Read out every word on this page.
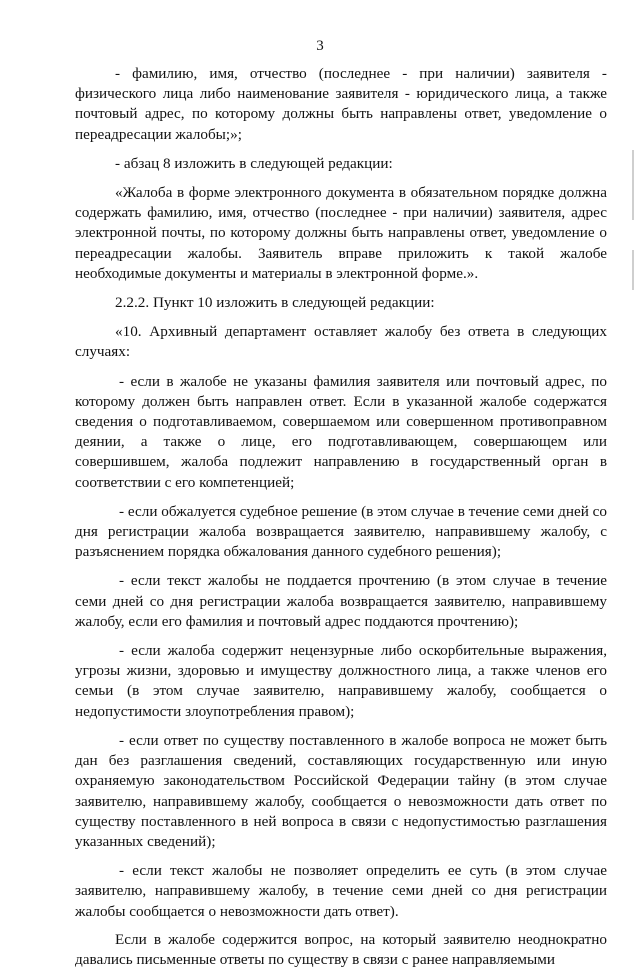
3

- фамилию, имя, отчество (последнее - при наличии) заявителя - физического лица либо наименование заявителя - юридического лица, а также почтовый адрес, по которому должны быть направлены ответ, уведомление о переадресации жалобы;»;

- абзац 8 изложить в следующей редакции:

«Жалоба в форме электронного документа в обязательном порядке должна содержать фамилию, имя, отчество (последнее - при наличии) заявителя, адрес электронной почты, по которому должны быть направлены ответ, уведомление о переадресации жалобы. Заявитель вправе приложить к такой жалобе необходимые документы и материалы в электронной форме.».

2.2.2. Пункт 10 изложить в следующей редакции:

«10. Архивный департамент оставляет жалобу без ответа в следующих случаях:

- если в жалобе не указаны фамилия заявителя или почтовый адрес, по которому должен быть направлен ответ. Если в указанной жалобе содержатся сведения о подготавливаемом, совершаемом или совершенном противоправном деянии, а также о лице, его подготавливающем, совершающем или совершившем, жалоба подлежит направлению в государственный орган в соответствии с его компетенцией;

- если обжалуется судебное решение (в этом случае в течение семи дней со дня регистрации жалоба возвращается заявителю, направившему жалобу, с разъяснением порядка обжалования данного судебного решения);

- если текст жалобы не поддается прочтению (в этом случае в течение семи дней со дня регистрации жалоба возвращается заявителю, направившему жалобу, если его фамилия и почтовый адрес поддаются прочтению);

- если жалоба содержит нецензурные либо оскорбительные выражения, угрозы жизни, здоровью и имуществу должностного лица, а также членов его семьи (в этом случае заявителю, направившему жалобу, сообщается о недопустимости злоупотребления правом);

- если ответ по существу поставленного в жалобе вопроса не может быть дан без разглашения сведений, составляющих государственную или иную охраняемую законодательством Российской Федерации тайну (в этом случае заявителю, направившему жалобу, сообщается о невозможности дать ответ по существу поставленного в ней вопроса в связи с недопустимостью разглашения указанных сведений);

- если текст жалобы не позволяет определить ее суть (в этом случае заявителю, направившему жалобу, в течение семи дней со дня регистрации жалобы сообщается о невозможности дать ответ).

Если в жалобе содержится вопрос, на который заявителю неоднократно давались письменные ответы по существу в связи с ранее направляемыми
